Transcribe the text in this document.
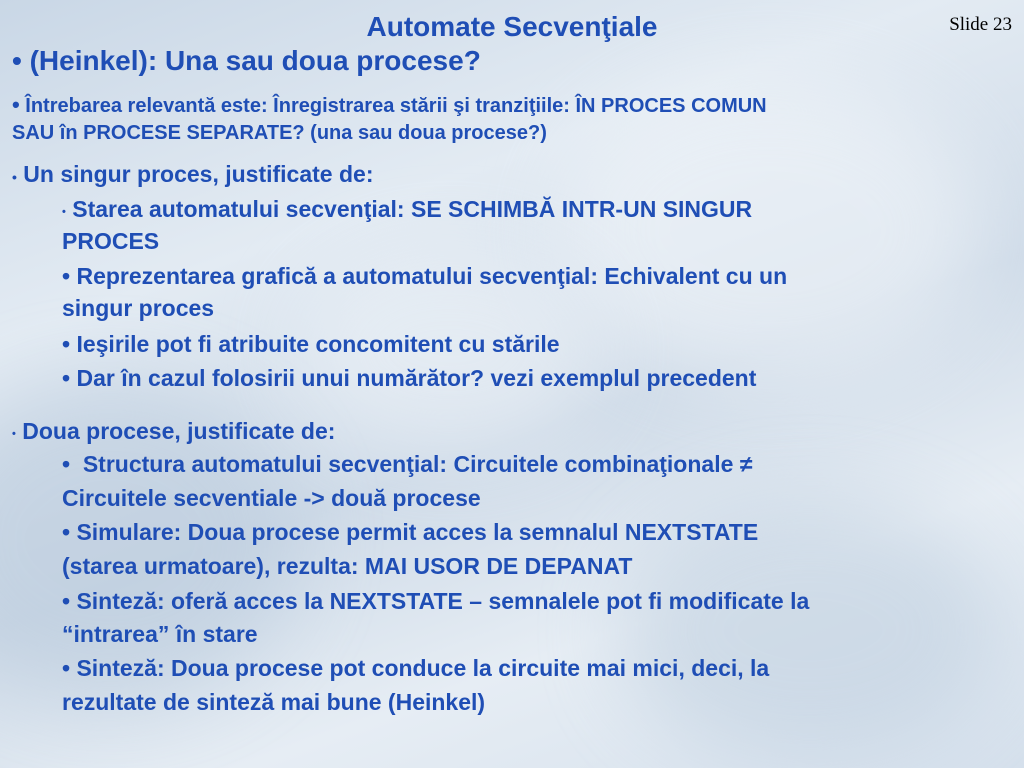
Automate Secvenţiale	Slide 23
• (Heinkel): Una sau doua procese?
• Întrebarea relevantă este: Înregistrarea stării şi tranziţiile: ÎN PROCES COMUN
SAU în PROCESE SEPARATE? (una sau doua procese?)
• Un singur proces, justificate de:
• Starea automatului secvenţial: SE SCHIMBĂ INTR-UN SINGUR
PROCES
• Reprezentarea grafică a automatului secvenţial: Echivalent cu un
singur proces
• Ieşirile pot fi atribuite concomitent cu stările
• Dar în cazul folosirii unui numărător? vezi exemplul precedent
• Doua procese, justificate de:
•  Structura automatului secvenţial: Circuitele combinaţionale ≠
Circuitele secventiale -> două procese
• Simulare: Doua procese permit acces la semnalul NEXTSTATE
(starea urmatoare), rezulta: MAI USOR DE DEPANAT
• Sinteză: oferă acces la NEXTSTATE – semnalele pot fi modificate la
“intrarea” în stare
• Sinteză: Doua procese pot conduce la circuite mai mici, deci, la
rezultate de sinteză mai bune (Heinkel)
